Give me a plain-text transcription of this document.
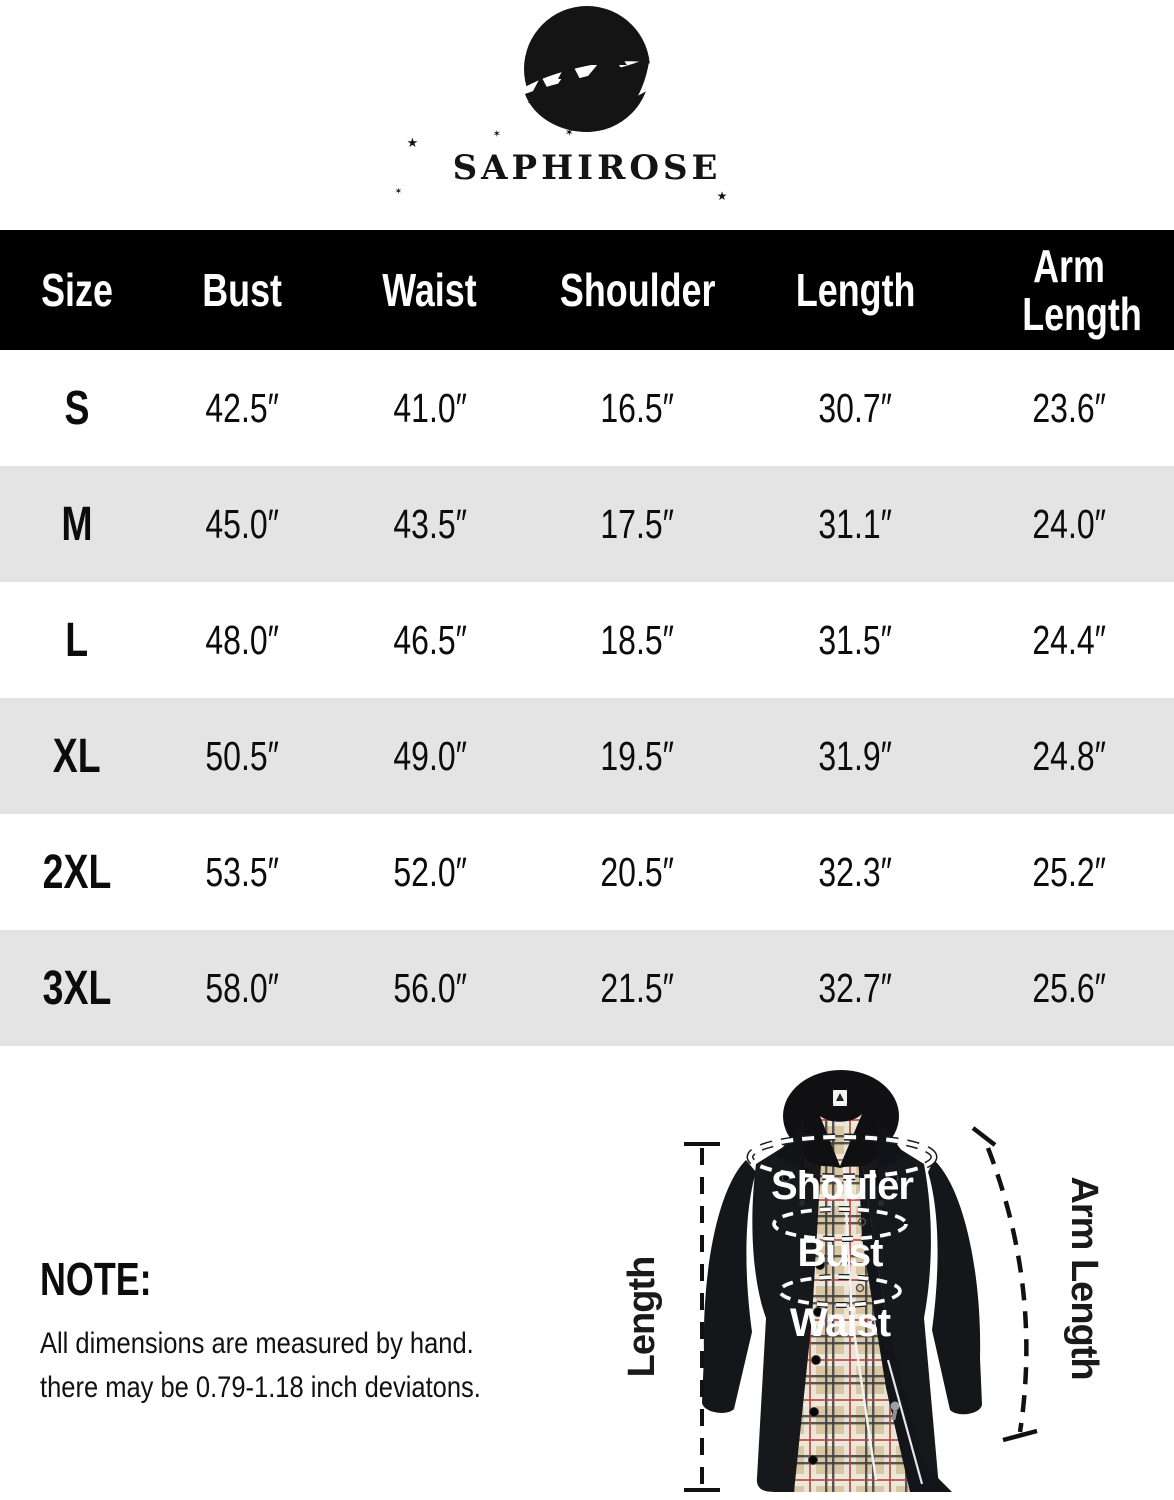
★
✶	✶
★
✶
SAPHIROSE
Size	Bust	Waist	Shoulder	Length	Arm Length
S	42.5″	41.0″	16.5″	30.7″	23.6″
M	45.0″	43.5″	17.5″	31.1″	24.0″
L	48.0″	46.5″	18.5″	31.5″	24.4″
XL	50.5″	49.0″	19.5″	31.9″	24.8″
2XL	53.5″	52.0″	20.5″	32.3″	25.2″
3XL	58.0″	56.0″	21.5″	32.7″	25.6″
NOTE:
All dimensions are measured by hand.
there may be 0.79-1.18 inch deviatons.
Shouler
Bust
Waist
Length	Arm Length
